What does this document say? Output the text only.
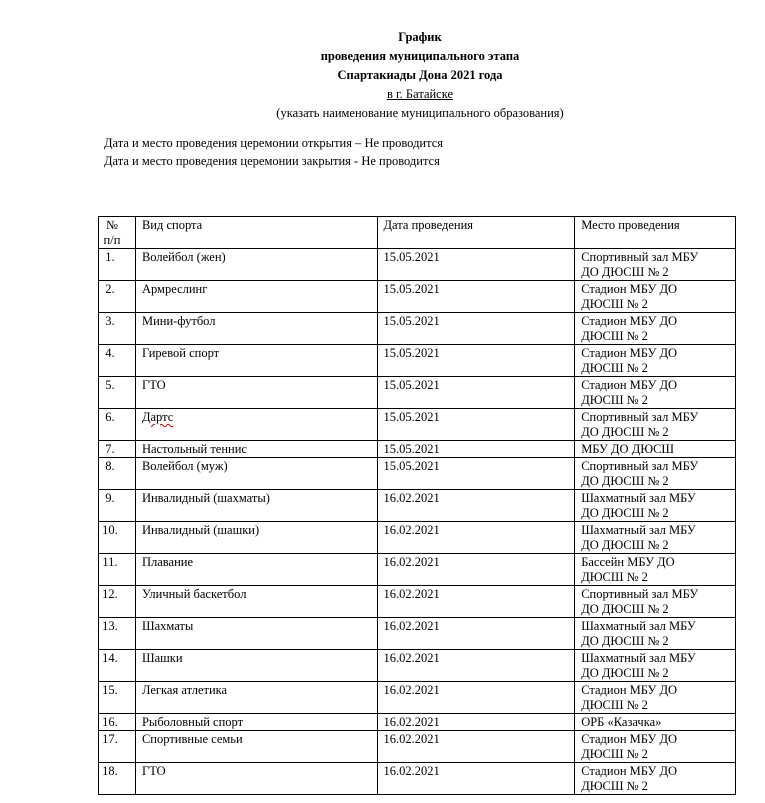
График
проведения муниципального этапа
Спартакиады Дона 2021 года
в г. Батайске
(указать наименование муниципального образования)
Дата и место проведения церемонии открытия – Не проводится
Дата и место проведения церемонии закрытия - Не проводится
№
п/п	Вид спорта	Дата проведения	Место проведения
1.	Волейбол (жен)	15.05.2021	Спортивный зал МБУ
ДО ДЮСШ № 2

2.	Армреслинг	15.05.2021	Стадион МБУ ДО
ДЮСШ № 2

3.	Мини-футбол	15.05.2021	Стадион МБУ ДО
ДЮСШ № 2

4.	Гиревой спорт	15.05.2021	Стадион МБУ ДО
ДЮСШ № 2

5.	ГТО	15.05.2021	Стадион МБУ ДО
ДЮСШ № 2

6.	Дартс	15.05.2021	Спортивный зал МБУ
ДО ДЮСШ № 2

7.	Настольный теннис	15.05.2021	МБУ ДО ДЮСШ

8.	Волейбол (муж)	15.05.2021	Спортивный зал МБУ
ДО ДЮСШ № 2

9.	Инвалидный (шахматы)	16.02.2021	Шахматный зал МБУ
ДО ДЮСШ № 2

10.	Инвалидный (шашки)	16.02.2021	Шахматный зал МБУ
ДО ДЮСШ № 2

11.	Плавание	16.02.2021	Бассейн МБУ ДО
ДЮСШ № 2

12.	Уличный баскетбол	16.02.2021	Спортивный зал МБУ
ДО ДЮСШ № 2

13.	Шахматы	16.02.2021	Шахматный зал МБУ
ДО ДЮСШ № 2

14.	Шашки	16.02.2021	Шахматный зал МБУ
ДО ДЮСШ № 2

15.	Легкая атлетика	16.02.2021	Стадион МБУ ДО
ДЮСШ № 2

16.	Рыболовный спорт	16.02.2021	ОРБ «Казачка»

17.	Спортивные семьи	16.02.2021	Стадион МБУ ДО
ДЮСШ № 2

18.	ГТО	16.02.2021	Стадион МБУ ДО
ДЮСШ № 2
